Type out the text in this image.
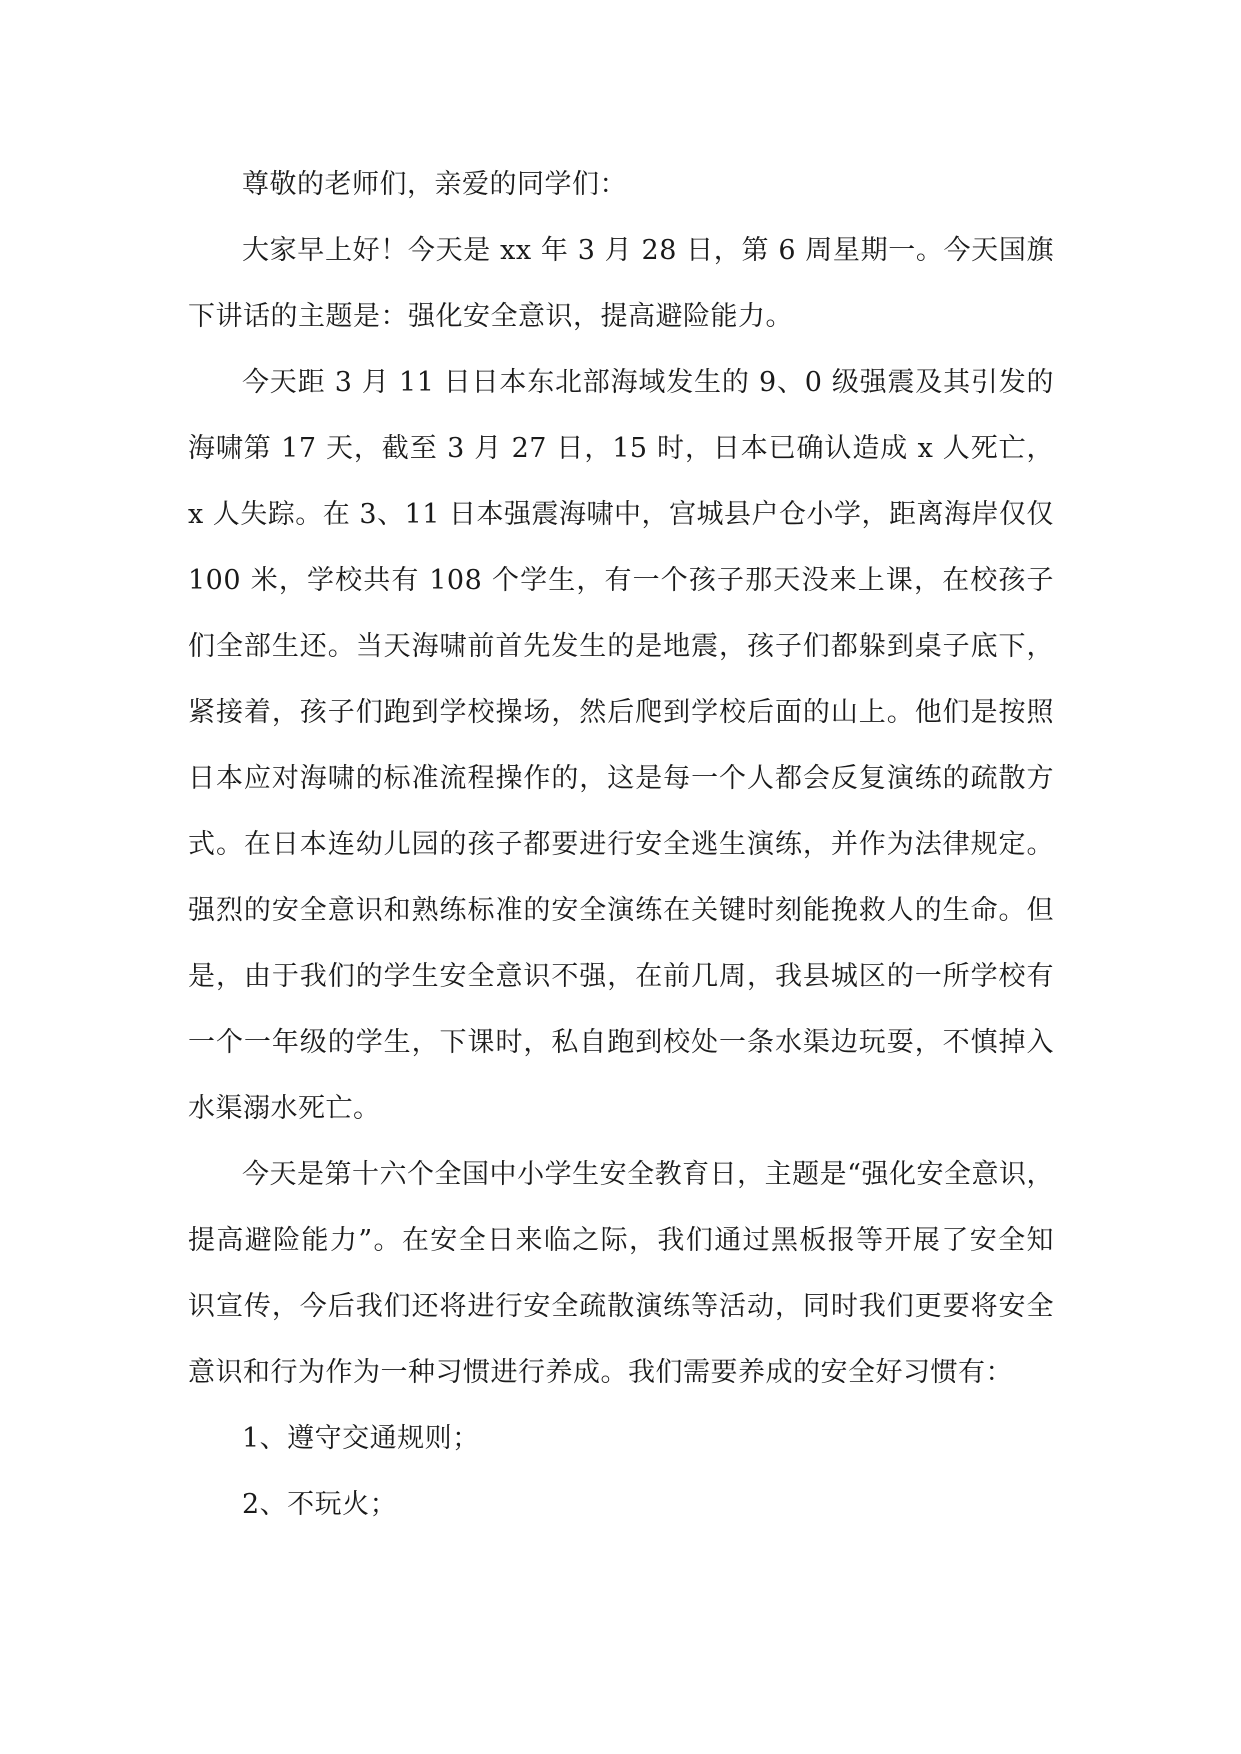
尊敬的老师们，亲爱的同学们：

大家早上好！今天是 xx 年 3 月 28 日，第 6 周星期一。今天国旗下讲话的主题是：强化安全意识，提高避险能力。

今天距 3 月 11 日日本东北部海域发生的 9、0 级强震及其引发的海啸第 17 天，截至 3 月 27 日，15 时，日本已确认造成 x 人死亡，x 人失踪。在 3、11 日本强震海啸中，宫城县户仓小学，距离海岸仅仅 100 米，学校共有 108 个学生，有一个孩子那天没来上课，在校孩子们全部生还。当天海啸前首先发生的是地震，孩子们都躲到桌子底下，紧接着，孩子们跑到学校操场，然后爬到学校后面的山上。他们是按照日本应对海啸的标准流程操作的，这是每一个人都会反复演练的疏散方式。在日本连幼儿园的孩子都要进行安全逃生演练，并作为法律规定。强烈的安全意识和熟练标准的安全演练在关键时刻能挽救人的生命。但是，由于我们的学生安全意识不强，在前几周，我县城区的一所学校有一个一年级的学生，下课时，私自跑到校处一条水渠边玩耍，不慎掉入水渠溺水死亡。

今天是第十六个全国中小学生安全教育日，主题是“强化安全意识，提高避险能力”。在安全日来临之际，我们通过黑板报等开展了安全知识宣传，今后我们还将进行安全疏散演练等活动，同时我们更要将安全意识和行为作为一种习惯进行养成。我们需要养成的安全好习惯有：

1、遵守交通规则；

2、不玩火；
